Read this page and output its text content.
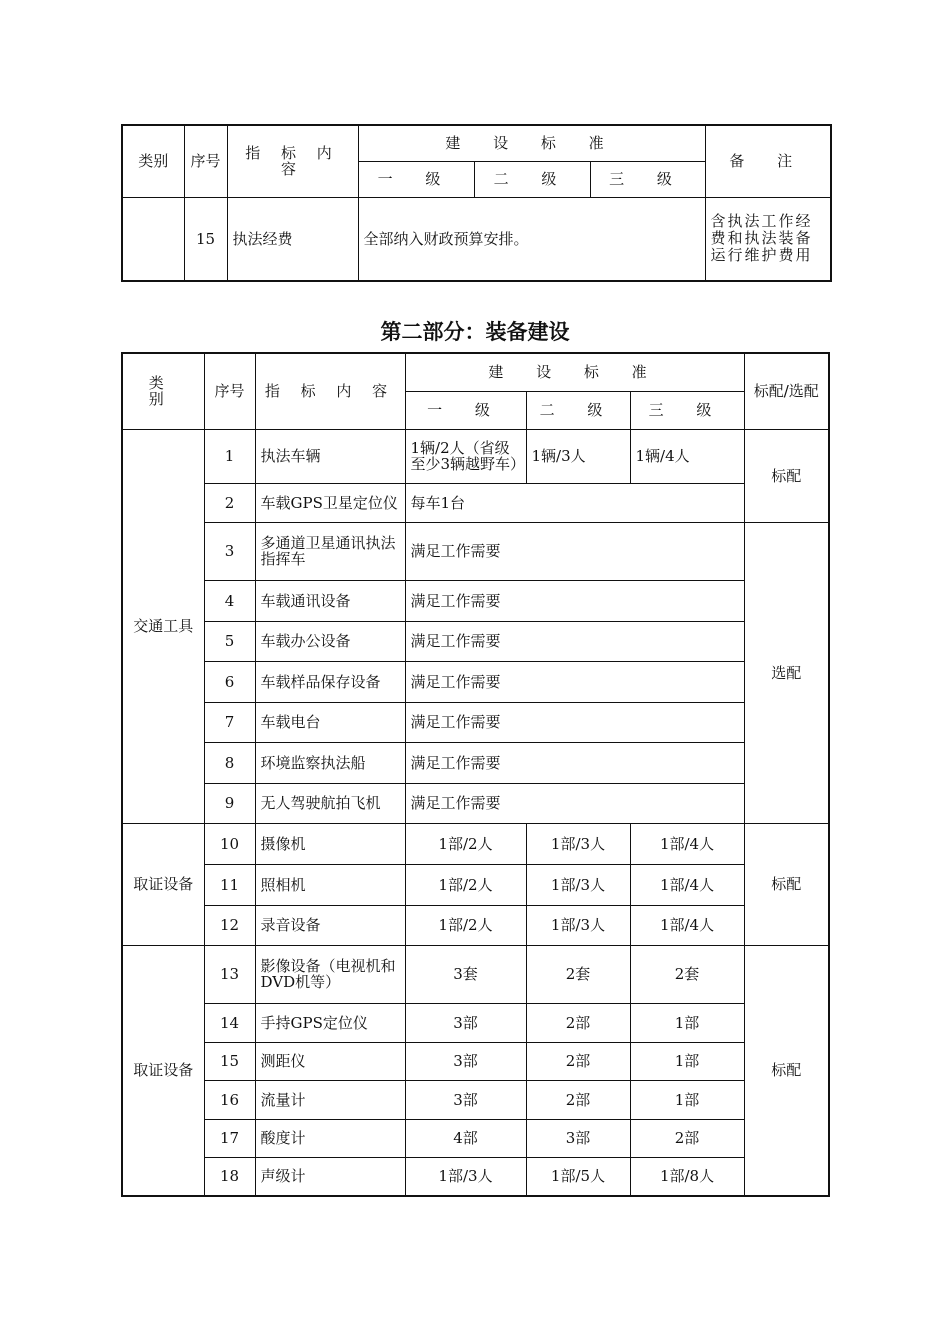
类别	序号	指 标 内 容	建 设 标 准			备 注
			一 级	二 级	三 级	
	15	执法经费	全部纳入财政预算安排。			含执法工作经费和执法装备运行维护费用
第二部分：装备建设
类 别	序号	指 标 内 容	建 设 标 准			标配/选配
			一 级	二 级	三 级	
交通工具	1	执法车辆	1辆/2人（省级至少3辆越野车）	1辆/3人	1辆/4人	标配
	2	车载GPS卫星定位仪	每车1台			
	3	多通道卫星通讯执法指挥车	满足工作需要			选配
	4	车载通讯设备	满足工作需要			
	5	车载办公设备	满足工作需要			
	6	车载样品保存设备	满足工作需要			
	7	车载电台	满足工作需要			
	8	环境监察执法船	满足工作需要			
	9	无人驾驶航拍飞机	满足工作需要			
取证设备	10	摄像机	1部/2人	1部/3人	1部/4人	标配
	11	照相机	1部/2人	1部/3人	1部/4人	
	12	录音设备	1部/2人	1部/3人	1部/4人	
取证设备	13	影像设备（电视机和DVD机等）	3套	2套	2套	标配
	14	手持GPS定位仪	3部	2部	1部	
	15	测距仪	3部	2部	1部	
	16	流量计	3部	2部	1部	
	17	酸度计	4部	3部	2部	
	18	声级计	1部/3人	1部/5人	1部/8人	
